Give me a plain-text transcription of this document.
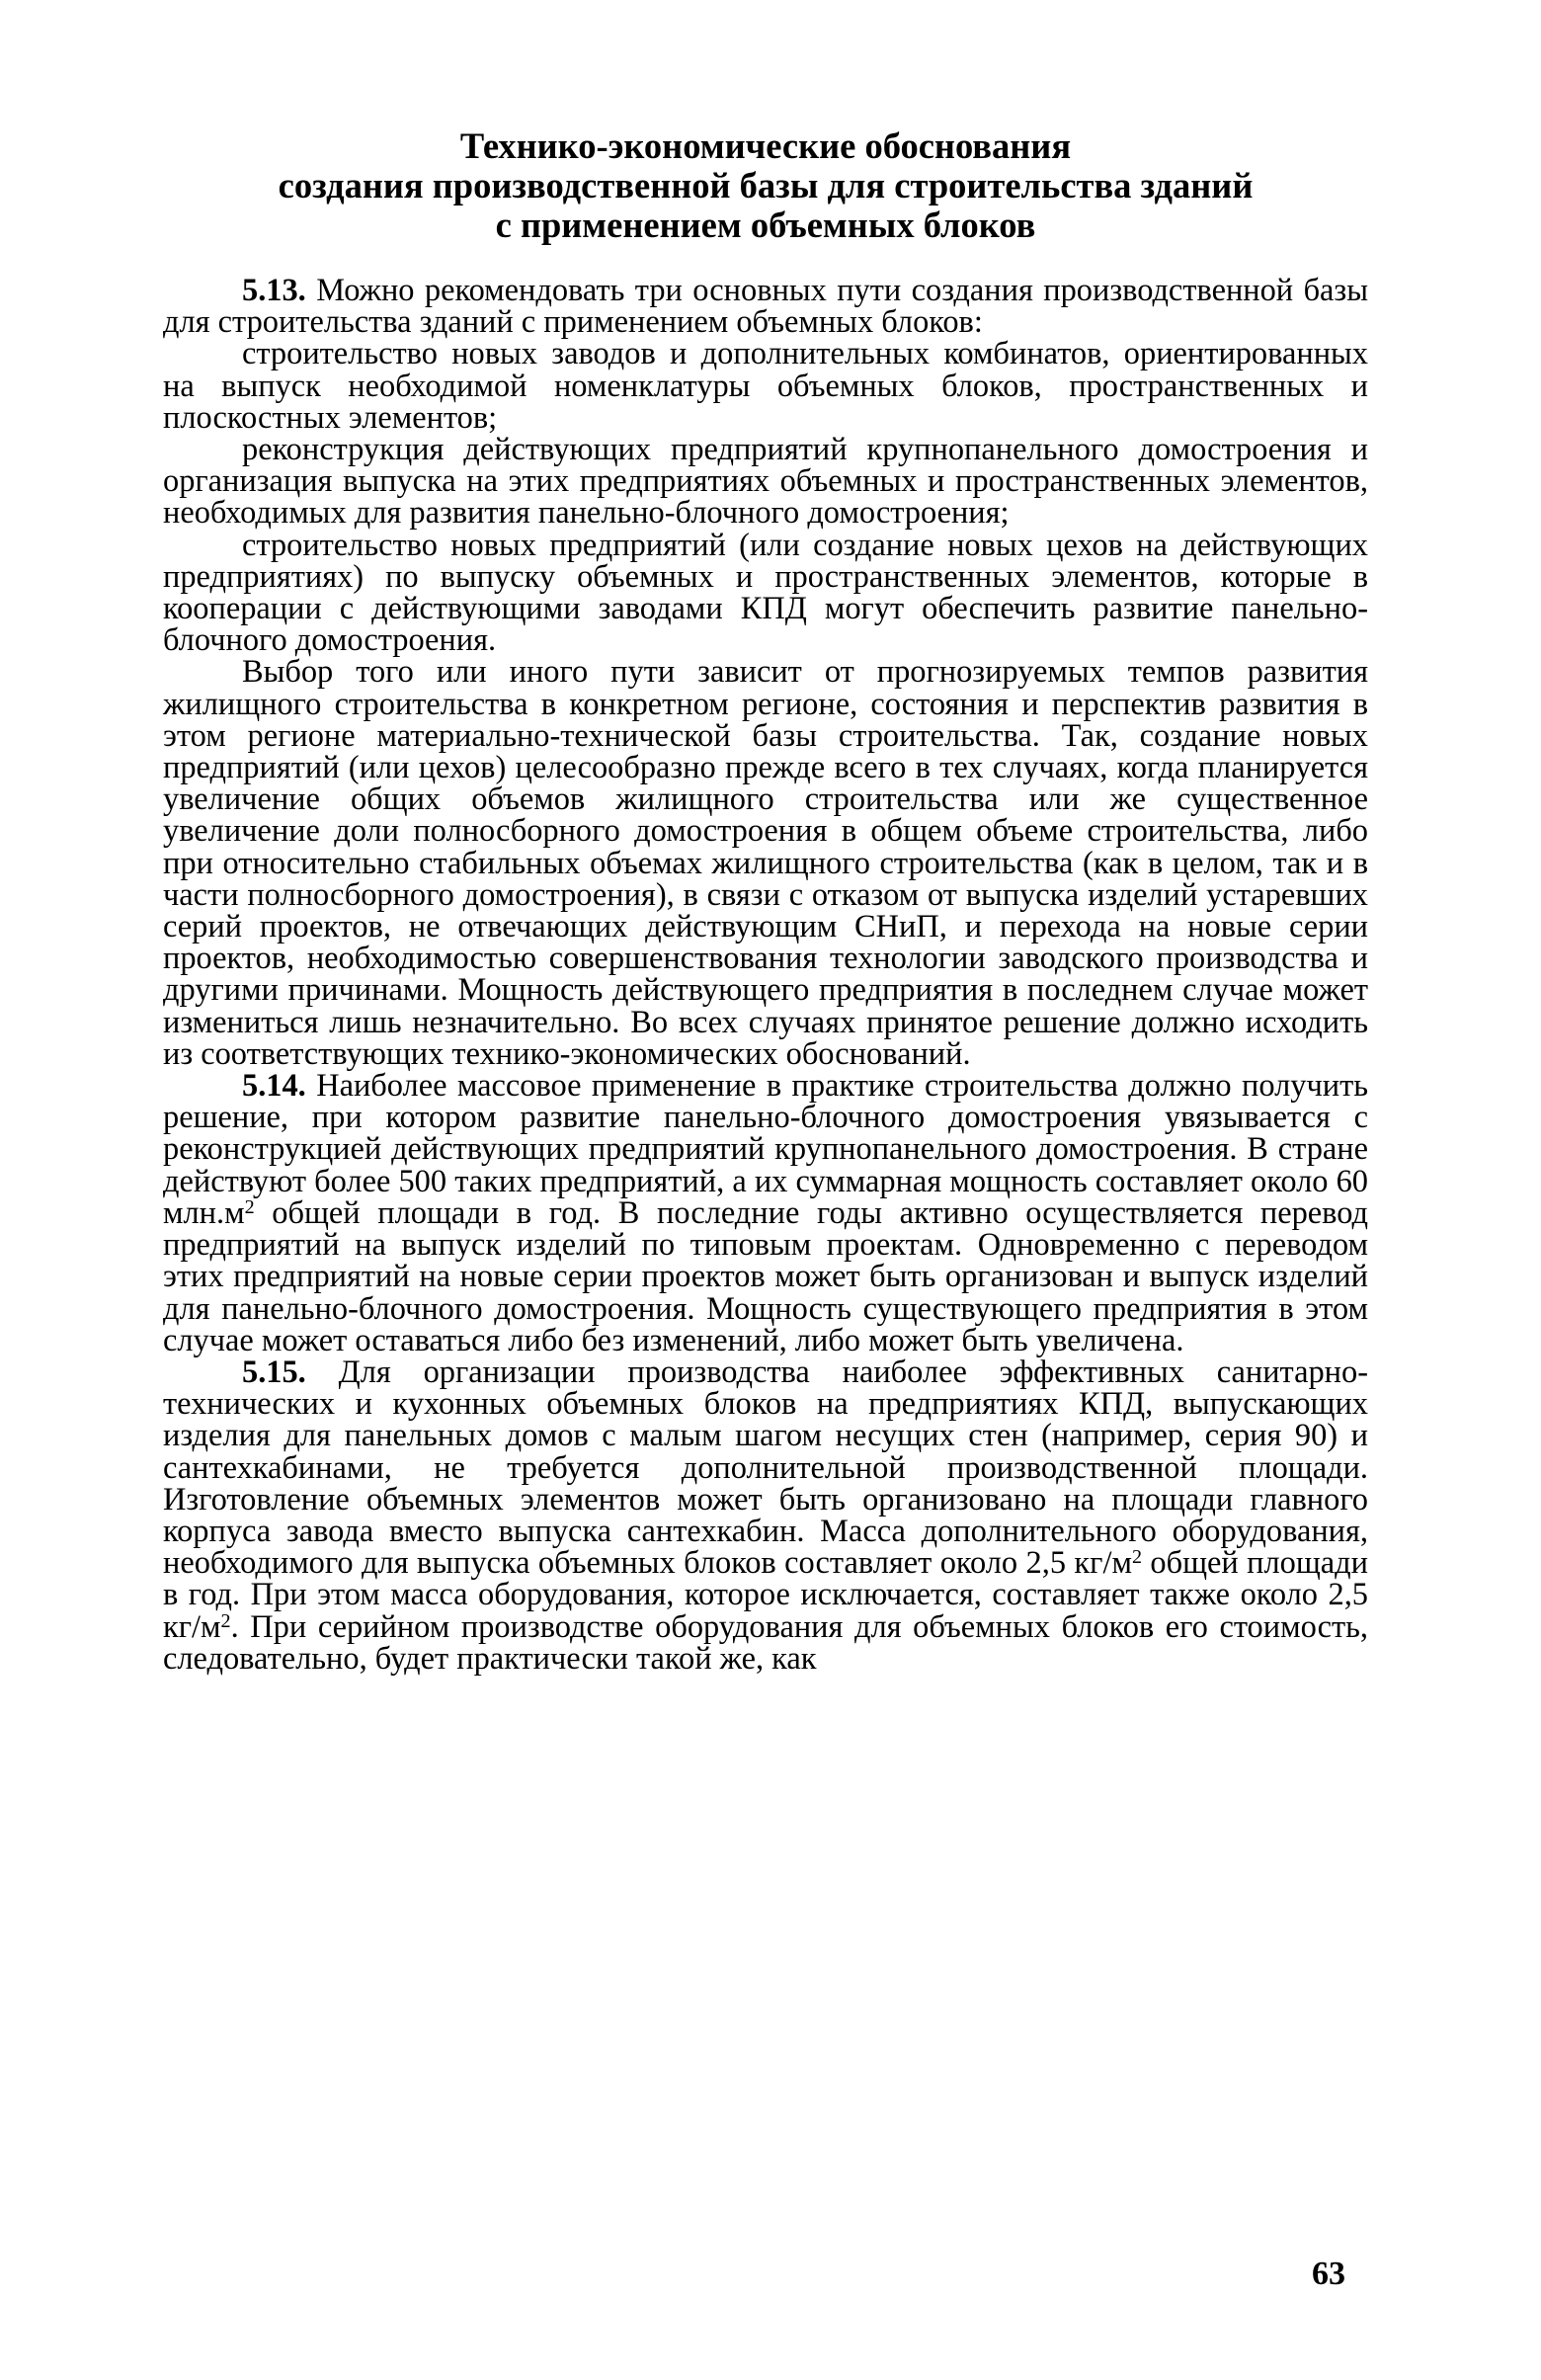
Технико-экономические обоснования
создания производственной базы для строительства зданий
с применением объемных блоков

5.13. Можно рекомендовать три основных пути создания производственной базы для строительства зданий с применением объемных блоков:

строительство новых заводов и дополнительных комбинатов, ориентированных на выпуск необходимой номенклатуры объемных блоков, пространственных и плоскостных элементов;

реконструкция действующих предприятий крупнопанельного домостроения и организация выпуска на этих предприятиях объемных и пространственных элементов, необходимых для развития панельно-блочного домостроения;

строительство новых предприятий (или создание новых цехов на действующих предприятиях) по выпуску объемных и пространственных элементов, которые в кооперации с действующими заводами КПД могут обеспечить развитие панельно-блочного домостроения.

Выбор того или иного пути зависит от прогнозируемых темпов развития жилищного строительства в конкретном регионе, состояния и перспектив развития в этом регионе материально-технической базы строительства. Так, создание новых предприятий (или цехов) целесообразно прежде всего в тех случаях, когда планируется увеличение общих объемов жилищного строительства или же существенное увеличение доли полносборного домостроения в общем объеме строительства, либо при относительно стабильных объемах жилищного строительства (как в целом, так и в части полносборного домостроения), в связи с отказом от выпуска изделий устаревших серий проектов, не отвечающих действующим СНиП, и перехода на новые серии проектов, необходимостью совершенствования технологии заводского производства и другими причинами. Мощность действующего предприятия в последнем случае может измениться лишь незначительно. Во всех случаях принятое решение должно исходить из соответствующих технико-экономических обоснований.

5.14. Наиболее массовое применение в практике строительства должно получить решение, при котором развитие панельно-блочного домостроения увязывается с реконструкцией действующих предприятий крупнопанельного домостроения. В стране действуют более 500 таких предприятий, а их суммарная мощность составляет около 60 $млн.м^2$ общей площади в год. В последние годы активно осуществляется перевод предприятий на выпуск изделий по типовым проектам. Одновременно с переводом этих предприятий на новые серии проектов может быть организован и выпуск изделий для панельно-блочного домостроения. Мощность существующего предприятия в этом случае может оставаться либо без изменений, либо может быть увеличена.

5.15. Для организации производства наиболее эффективных санитарно-технических и кухонных объемных блоков на предприятиях КПД, выпускающих изделия для панельных домов с малым шагом несущих стен (например, серия 90) и сантехкабинами, не требуется дополнительной производственной площади. Изготовление объемных элементов может быть организовано на площади главного корпуса завода вместо выпуска сантехкабин. Масса дополнительного оборудования, необходимого для выпуска объемных блоков составляет около 2,5 $кг/м^2$ общей площади в год. При этом масса оборудования, которое исключается, составляет также около 2,5 $кг/м^2$. При серийном производстве оборудования для объемных блоков его стоимость, следовательно, будет практически такой же, как

63
